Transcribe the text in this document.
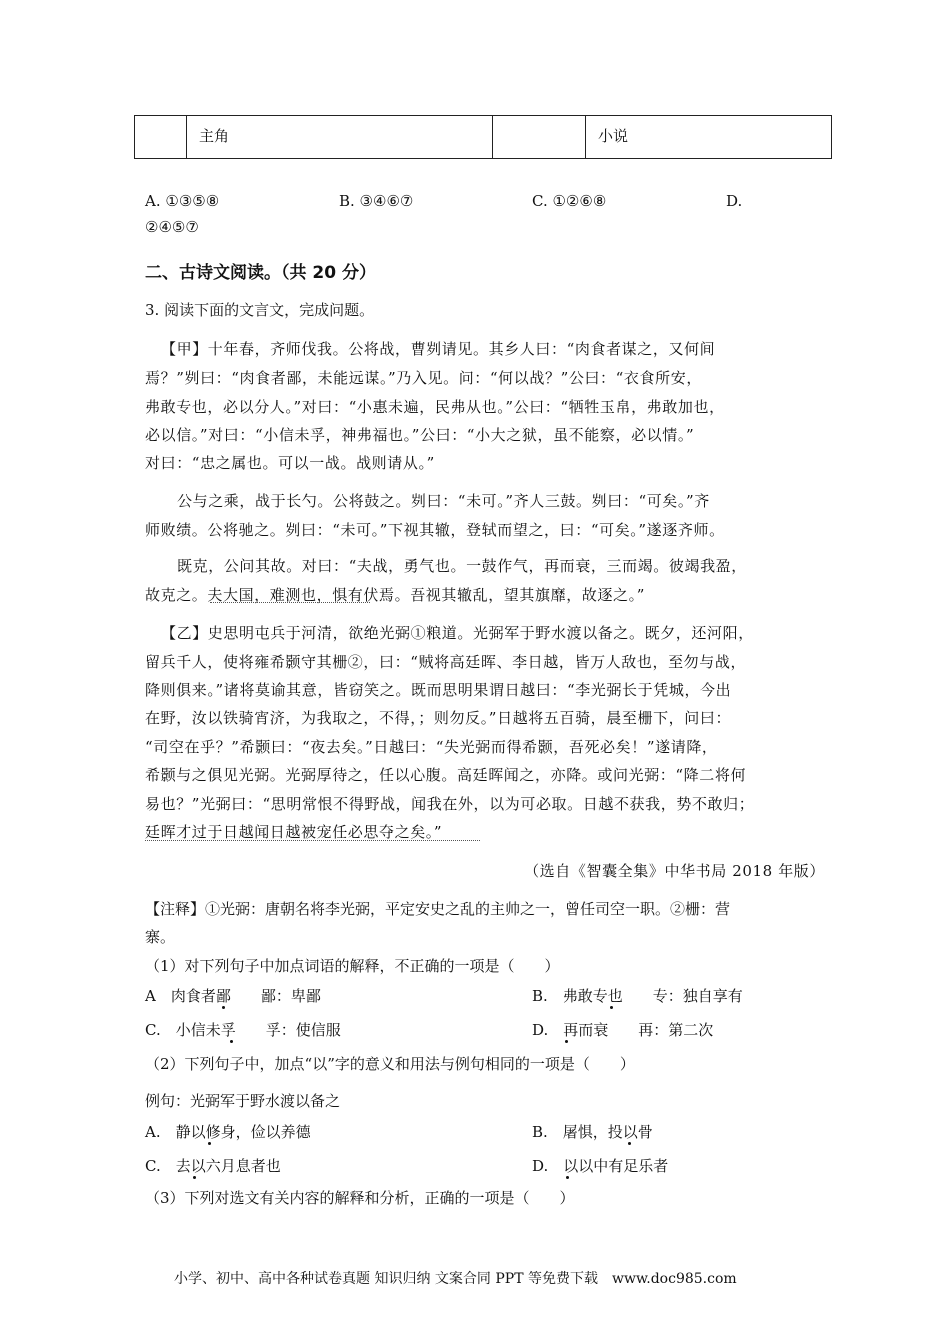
主角	小说
A. ①③⑤⑧	B. ③④⑥⑦	C. ①②⑥⑧	D.
②④⑤⑦
二、古诗文阅读。（共 20 分）
3. 阅读下面的文言文，完成问题。
【甲】十年春，齐师伐我。公将战，曹刿请见。其乡人曰：“肉食者谋之，又何间
焉？”刿曰：“肉食者鄙，未能远谋。”乃入见。问：“何以战？”公曰：“衣食所安，
弗敢专也，必以分人。”对曰：“小惠未遍，民弗从也。”公曰：“牺牲玉帛，弗敢加也，
必以信。”对曰：“小信未孚，神弗福也。”公曰：“小大之狱，虽不能察，必以情。”
对曰：“忠之属也。可以一战。战则请从。”
公与之乘，战于长勺。公将鼓之。刿曰：“未可。”齐人三鼓。刿曰：“可矣。”齐
师败绩。公将驰之。刿曰：“未可。”下视其辙，登轼而望之，曰：“可矣。”遂逐齐师。
既克，公问其故。对曰：“夫战，勇气也。一鼓作气，再而衰，三而竭。彼竭我盈，
故克之。夫大国，难测也，惧有伏焉。吾视其辙乱，望其旗靡，故逐之。”
【乙】史思明屯兵于河清，欲绝光弼①粮道。光弼军于野水渡以备之。既夕，还河阳，
留兵千人，使将雍希颢守其栅②，曰：“贼将高廷晖、李日越，皆万人敌也，至勿与战，
降则俱来。”诸将莫谕其意，皆窃笑之。既而思明果谓日越曰：“李光弼长于凭城，今出
在野，汝以铁骑宵济，为我取之，不得，；则勿反。”日越将五百骑，晨至栅下，问曰：
“司空在乎？”希颢曰：“夜去矣。”日越曰：“失光弼而得希颢，吾死必矣！”遂请降，
希颢与之俱见光弼。光弼厚待之，任以心腹。高廷晖闻之，亦降。或问光弼：“降二将何
易也？”光弼曰：“思明常恨不得野战，闻我在外，以为可必取。日越不获我，势不敢归；
廷晖才过于日越闻日越被宠任必思夺之矣。”
（选自《智囊全集》中华书局 2018 年版）
【注释】①光弼：唐朝名将李光弼，平定安史之乱的主帅之一，曾任司空一职。②栅：营
寨。
（1）对下列句子中加点词语的解释，不正确的一项是（　　）
A　肉食者鄙　　鄙：卑鄙	B.　弗敢专也　　专：独自享有
C.　小信未孚　　孚：使信服	D.　再而衰　　再：第二次
（2）下列句子中，加点“以”字的意义和用法与例句相同的一项是（　　）
例句：光弼军于野水渡以备之
A.　静以修身，俭以养德	B.　屠惧，投以骨
C.　去以六月息者也	D.　以以中有足乐者
（3）下列对选文有关内容的解释和分析，正确的一项是（　　）
小学、初中、高中各种试卷真题 知识归纳 文案合同 PPT 等免费下载　www.doc985.com
